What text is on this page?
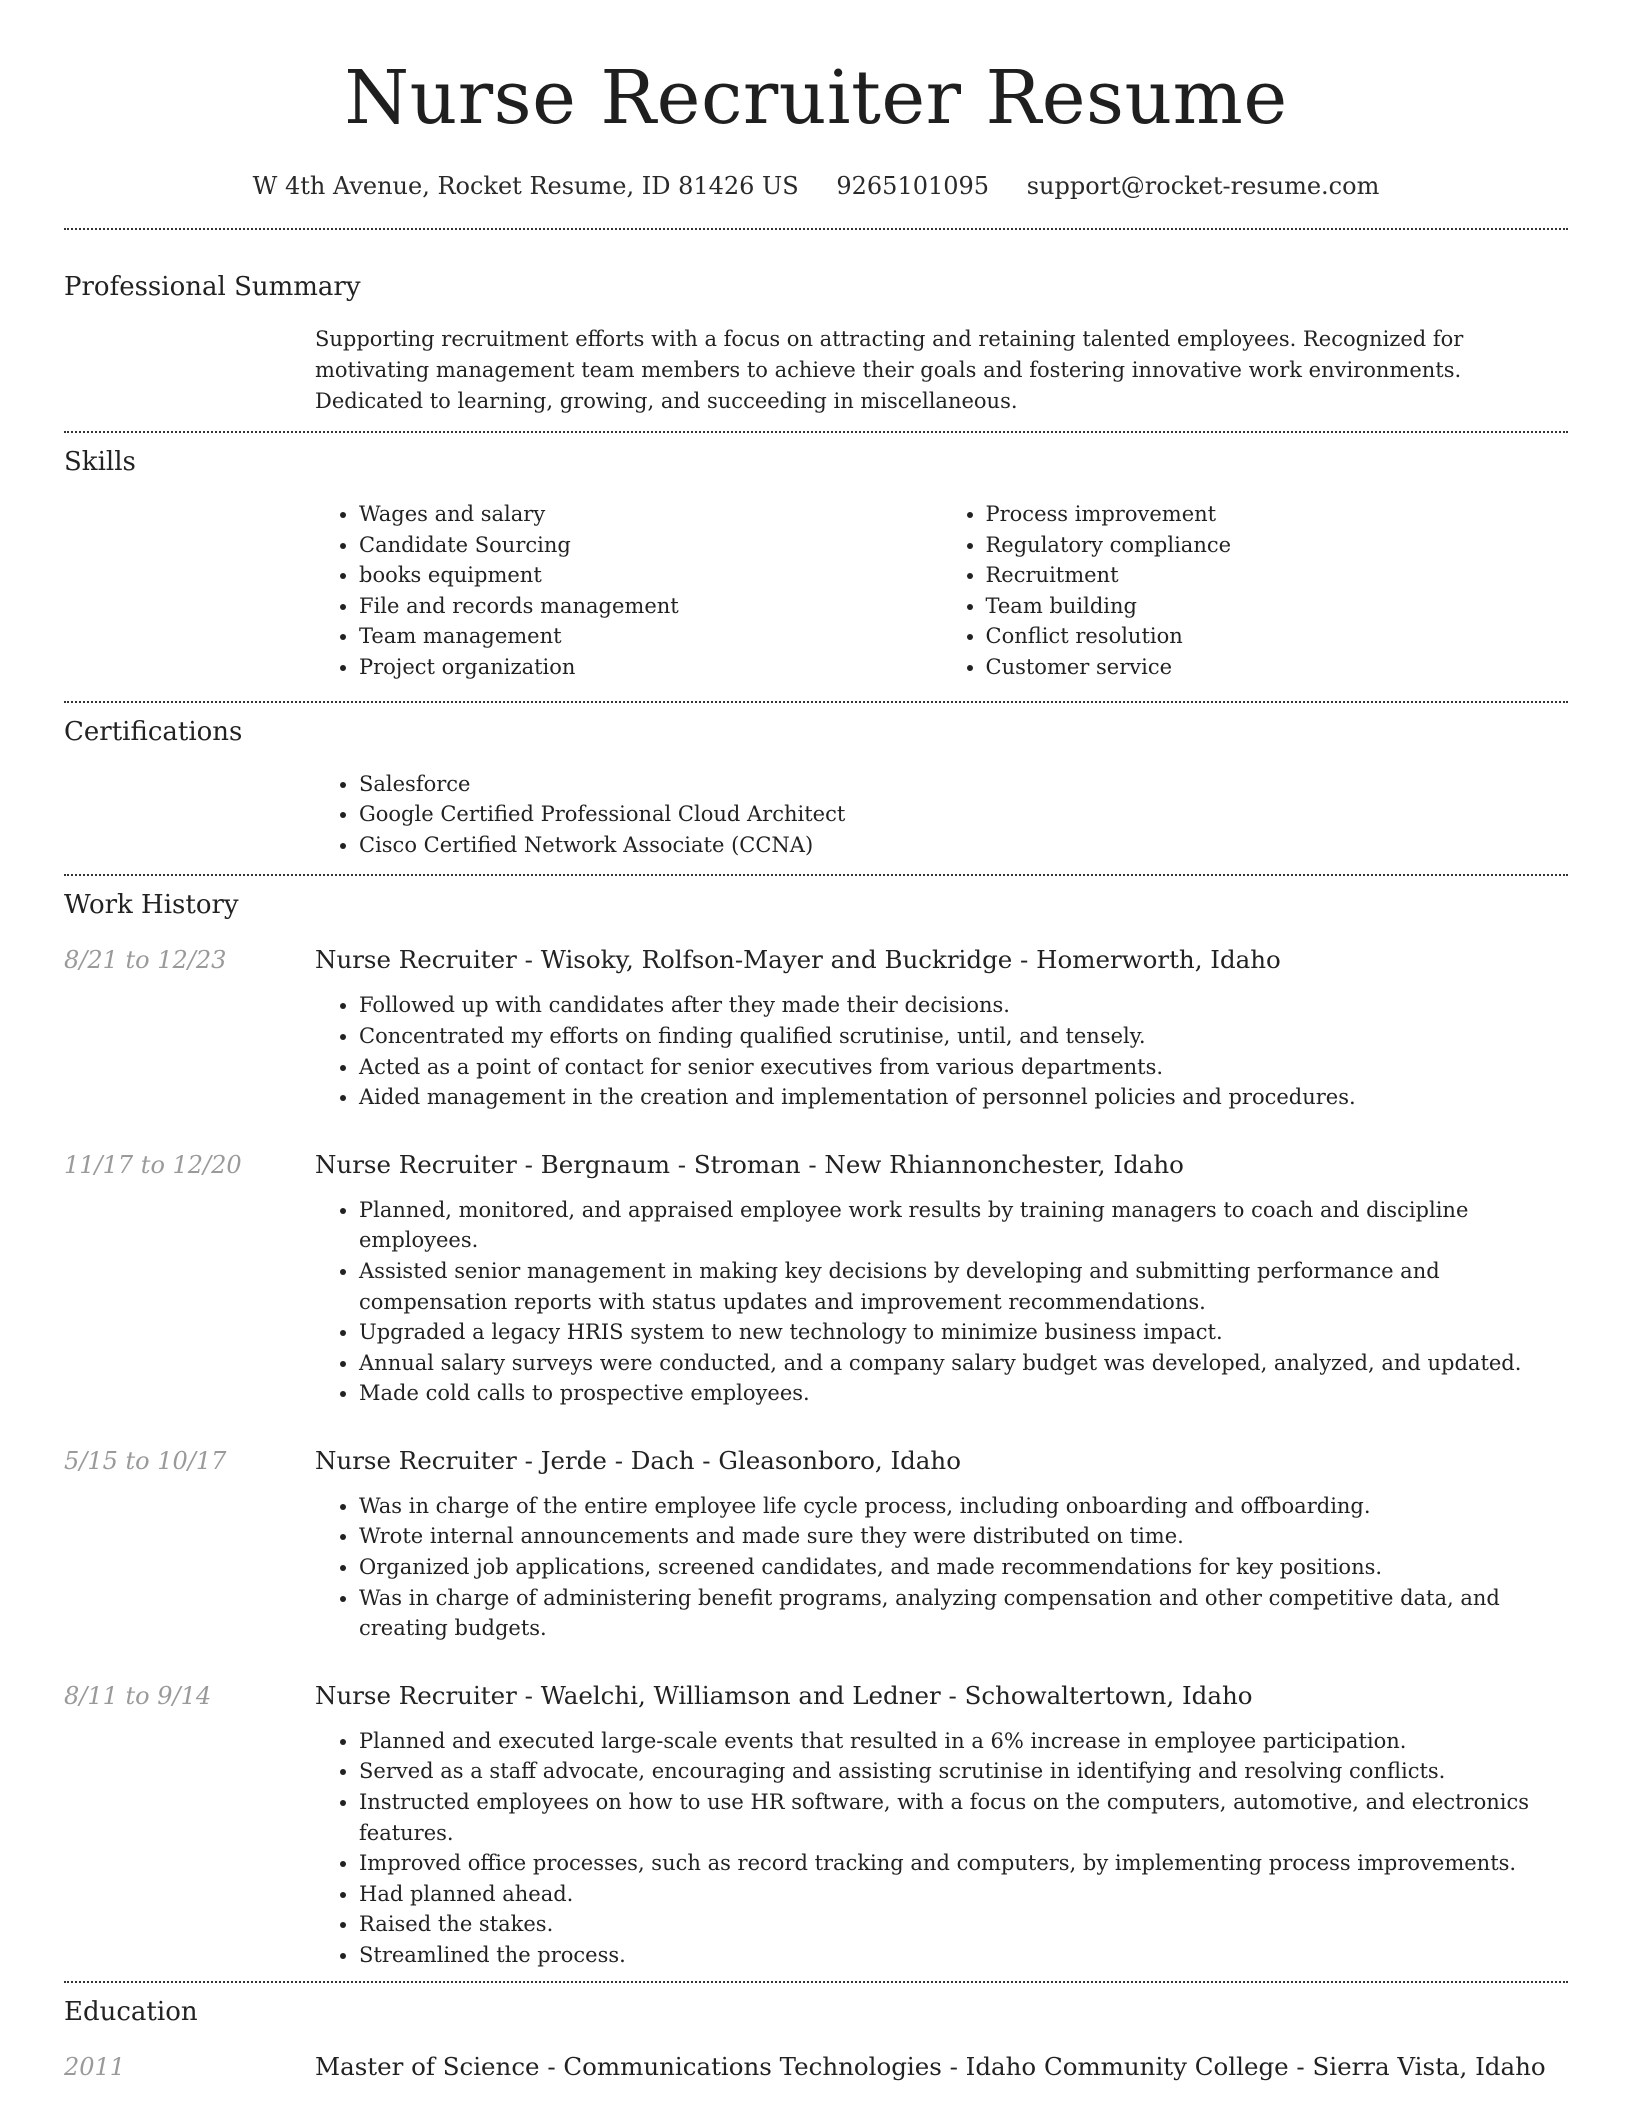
Nurse Recruiter Resume
W 4th Avenue, Rocket Resume, ID 81426 US 9265101095 support@rocket-resume.com
Professional Summary

Supporting recruitment efforts with a focus on attracting and retaining talented employees. Recognized for motivating management team members to achieve their goals and fostering innovative work environments. Dedicated to learning, growing, and succeeding in miscellaneous.

Skills
• Wages and salary
• Candidate Sourcing
• books equipment
• File and records management
• Team management
• Project organization
• Process improvement
• Regulatory compliance
• Recruitment
• Team building
• Conflict resolution
• Customer service
Certifications
• Salesforce
• Google Certified Professional Cloud Architect
• Cisco Certified Network Associate (CCNA)
Work History
8/21 to 12/23	Nurse Recruiter - Wisoky, Rolfson-Mayer and Buckridge - Homerworth, Idaho
• Followed up with candidates after they made their decisions.
• Concentrated my efforts on finding qualified scrutinise, until, and tensely.
• Acted as a point of contact for senior executives from various departments.
• Aided management in the creation and implementation of personnel policies and procedures.
11/17 to 12/20	Nurse Recruiter - Bergnaum - Stroman - New Rhiannonchester, Idaho
• Planned, monitored, and appraised employee work results by training managers to coach and discipline employees.
• Assisted senior management in making key decisions by developing and submitting performance and compensation reports with status updates and improvement recommendations.
• Upgraded a legacy HRIS system to new technology to minimize business impact.
• Annual salary surveys were conducted, and a company salary budget was developed, analyzed, and updated.
• Made cold calls to prospective employees.
5/15 to 10/17	Nurse Recruiter - Jerde - Dach - Gleasonboro, Idaho
• Was in charge of the entire employee life cycle process, including onboarding and offboarding.
• Wrote internal announcements and made sure they were distributed on time.
• Organized job applications, screened candidates, and made recommendations for key positions.
• Was in charge of administering benefit programs, analyzing compensation and other competitive data, and creating budgets.
8/11 to 9/14	Nurse Recruiter - Waelchi, Williamson and Ledner - Schowaltertown, Idaho
• Planned and executed large-scale events that resulted in a 6% increase in employee participation.
• Served as a staff advocate, encouraging and assisting scrutinise in identifying and resolving conflicts.
• Instructed employees on how to use HR software, with a focus on the computers, automotive, and electronics features.
• Improved office processes, such as record tracking and computers, by implementing process improvements.
• Had planned ahead.
• Raised the stakes.
• Streamlined the process.
Education
2011	Master of Science - Communications Technologies - Idaho Community College - Sierra Vista, Idaho
